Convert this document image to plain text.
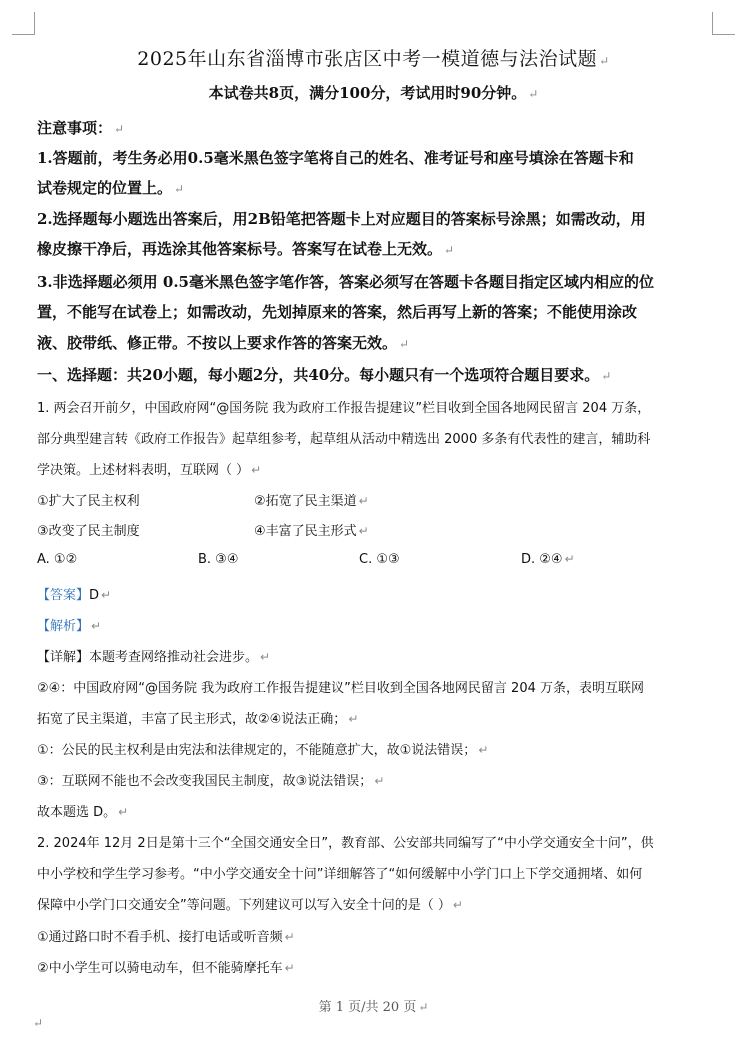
2025年山东省淄博市张店区中考一模道德与法治试题 ↵
本试卷共8页，满分100分，考试用时90分钟。 ↵
注意事项： ↵
1.答题前，考生务必用0.5毫米黑色签字笔将自己的姓名、准考证号和座号填涂在答题卡和
试卷规定的位置上。 ↵
2.选择题每小题选出答案后，用2B铅笔把答题卡上对应题目的答案标号涂黑；如需改动，用
橡皮擦干净后，再选涂其他答案标号。答案写在试卷上无效。 ↵
3.非选择题必须用 0.5毫米黑色签字笔作答，答案必须写在答题卡各题目指定区域内相应的位
置，不能写在试卷上；如需改动，先划掉原来的答案，然后再写上新的答案；不能使用涂改
液、胶带纸、修正带。不按以上要求作答的答案无效。 ↵
一、选择题：共20小题，每小题2分，共40分。每小题只有一个选项符合题目要求。 ↵
1. 两会召开前夕，中国政府网“@国务院 我为政府工作报告提建议”栏目收到全国各地网民留言 204 万条，
部分典型建言转《政府工作报告》起草组参考，起草组从活动中精选出 2000 多条有代表性的建言，辅助科
学决策。上述材料表明，互联网（ ） ↵
①扩大了民主权利	②拓宽了民主渠道 ↵
③改变了民主制度	④丰富了民主形式 ↵
A. ①②	B. ③④	C. ①③	D. ②④ ↵
【答案】D ↵
【解析】 ↵
【详解】本题考查网络推动社会进步。 ↵
②④：中国政府网“@国务院 我为政府工作报告提建议”栏目收到全国各地网民留言 204 万条，表明互联网
拓宽了民主渠道，丰富了民主形式，故②④说法正确； ↵
①：公民的民主权利是由宪法和法律规定的，不能随意扩大，故①说法错误； ↵
③：互联网不能也不会改变我国民主制度，故③说法错误； ↵
故本题选 D。 ↵
2. 2024年 12月 2日是第十三个“全国交通安全日”，教育部、公安部共同编写了“中小学交通安全十问”，供
中小学校和学生学习参考。“中小学交通安全十问”详细解答了“如何缓解中小学门口上下学交通拥堵、如何
保障中小学门口交通安全”等问题。下列建议可以写入安全十问的是（ ） ↵
①通过路口时不看手机、接打电话或听音频 ↵
②中小学生可以骑电动车，但不能骑摩托车 ↵
第 1 页/共 20 页 ↵
↵
